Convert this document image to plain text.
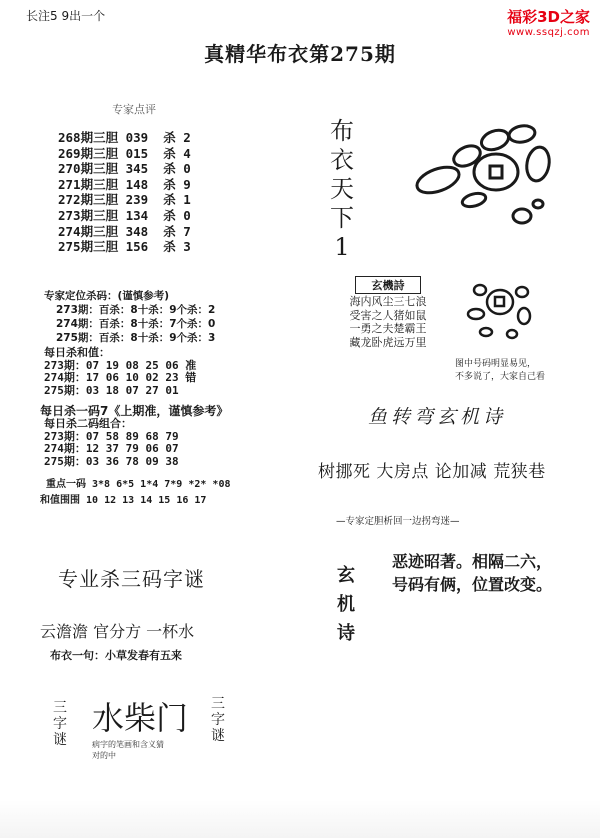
长注5 9出一个	福彩3D之家
www.ssqzj.com
真精华布衣第275期
专家点评
268期三胆 039  杀 2
269期三胆 015  杀 4
270期三胆 345  杀 0
271期三胆 148  杀 9
272期三胆 239  杀 1
273期三胆 134  杀 0
274期三胆 348  杀 7
275期三胆 156  杀 3
专家定位杀码：(谨慎参考)
273期：百杀：8十杀：9个杀：2
274期：百杀：8十杀：7个杀：0
275期：百杀：8十杀：9个杀：3
每日杀和值：
273期：07 19 08 25 06 准
274期：17 06 10 02 23 错
275期：03 18 07 27 01
每日杀一码7《上期准，谨慎参考》
每日杀二码组合：
273期：07 58 89 68 79
274期：12 37 79 06 07
275期：03 36 78 09 38
重点一码 3*8 6*5 1*4 7*9 *2* *08
和值围围 10 12 13 14 15 16 17
专业杀三码字谜
云澹澹 官分方 一杯水
布衣一句：小草发春有五来
三
字
谜
水柴门 三
字
谜
病字的笔画和含义猜
对的中
布
衣
天
下
1
玄機詩
海内风尘三七浪
受害之人猪如鼠
一勇之夫楚霸王
藏龙卧虎远万里
图中号码明显易见，
不多说了，大家自己看
鱼转弯玄机诗
树挪死 大房点 论加减 荒狭巷
—专家定胆析回一边拐弯迷—
玄
机
诗
恶迹昭著。相隔二六，
号码有俩，位置改变。
